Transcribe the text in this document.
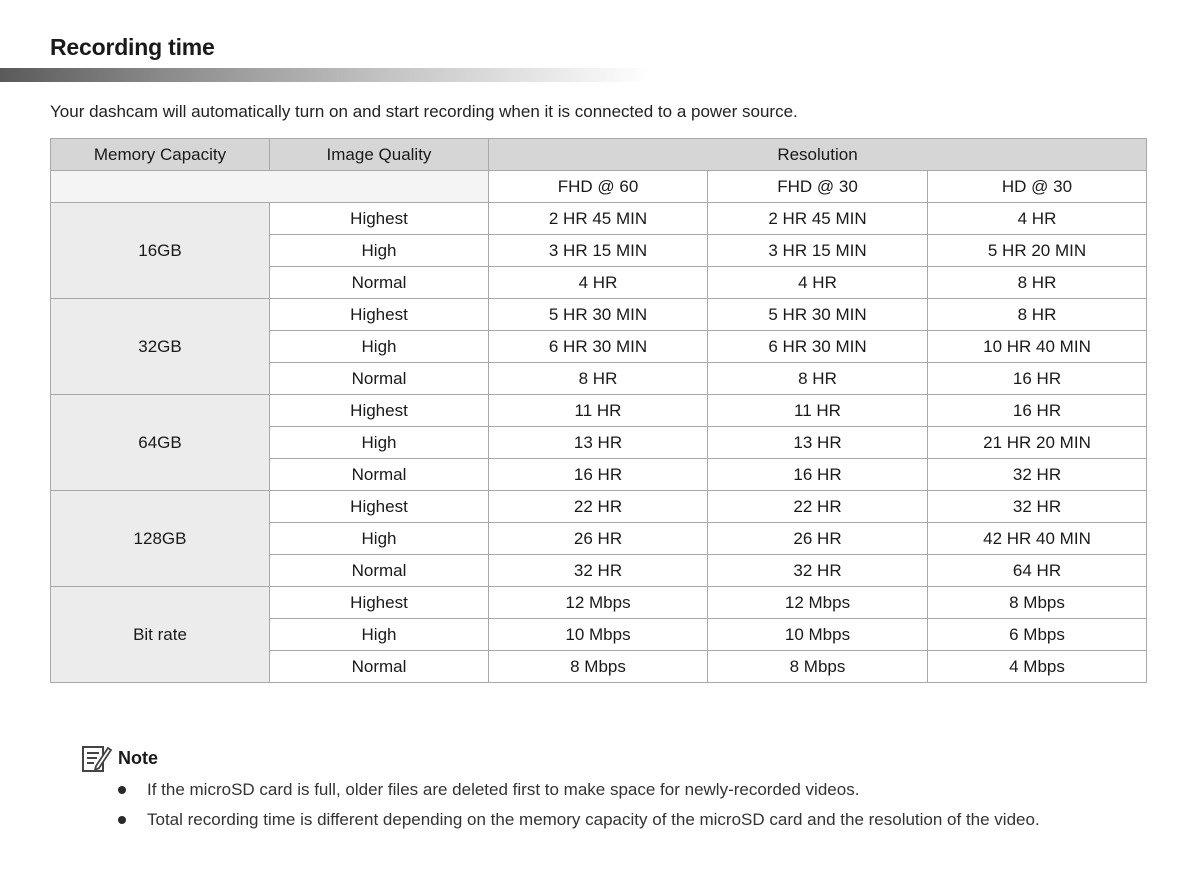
Recording time
Your dashcam will automatically turn on and start recording when it is connected to a power source.
Memory Capacity	Image Quality	Resolution		
		FHD @ 60	FHD @ 30	HD @ 30
16GB	Highest	2 HR 45 MIN	2 HR 45 MIN	4 HR
	High	3 HR 15 MIN	3 HR 15 MIN	5 HR 20 MIN
	Normal	4 HR	4 HR	8 HR
32GB	Highest	5 HR 30 MIN	5 HR 30 MIN	8 HR
	High	6 HR 30 MIN	6 HR 30 MIN	10 HR 40 MIN
	Normal	8 HR	8 HR	16 HR
64GB	Highest	11 HR	11 HR	16 HR
	High	13 HR	13 HR	21 HR 20 MIN
	Normal	16 HR	16 HR	32 HR
128GB	Highest	22 HR	22 HR	32 HR
	High	26 HR	26 HR	42 HR 40 MIN
	Normal	32 HR	32 HR	64 HR
Bit rate	Highest	12 Mbps	12 Mbps	8 Mbps
	High	10 Mbps	10 Mbps	6 Mbps
	Normal	8 Mbps	8 Mbps	4 Mbps
Note
If the microSD card is full, older files are deleted first to make space for newly-recorded videos.
Total recording time is different depending on the memory capacity of the microSD card and the resolution of the video.
